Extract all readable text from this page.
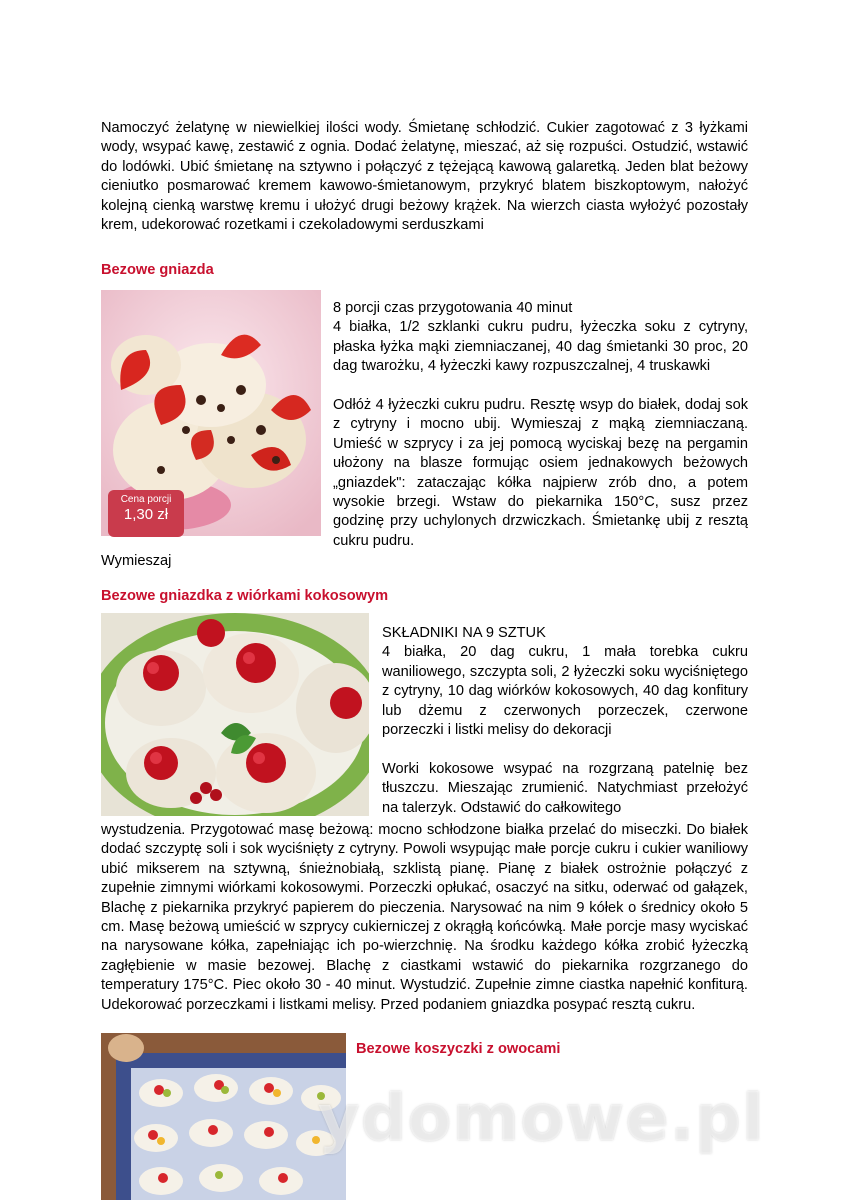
Namoczyć żelatynę w niewielkiej ilości wody. Śmietanę schłodzić. Cukier zagotować z 3 łyżkami wody, wsypać kawę, zestawić z ognia. Dodać żelatynę, mieszać, aż się rozpuści. Ostudzić, wstawić do lodówki. Ubić śmietanę na sztywno i połączyć z tężejącą kawową galaretką. Jeden blat beżowy cieniutko posmarować kremem kawowo-śmietanowym, przykryć blatem biszkoptowym, nałożyć kolejną cienką warstwę kremu i ułożyć drugi beżowy krążek. Na wierzch ciasta wyłożyć pozostały krem, udekorować rozetkami i czekoladowymi serduszkami
Bezowe gniazda
Cena porcji
1,30 zł

8 porcji czas przygotowania 40 minut

4 białka, 1/2 szklanki cukru pudru, łyżeczka soku z cytryny, płaska łyżka mąki ziemniaczanej, 40 dag śmietanki 30 proc, 20 dag twarożku, 4 łyżeczki kawy rozpuszczalnej, 4 truskawki

Odłóż 4 łyżeczki cukru pudru. Resztę wsyp do białek, dodaj sok z cytryny i mocno ubij. Wymieszaj z mąką ziemniaczaną. Umieść w szprycy i za jej pomocą wyciskaj bezę na pergamin ułożony na blasze formując osiem jednakowych beżowych „gniazdek": zataczając kółka najpierw zrób dno, a potem wysokie brzegi. Wstaw do piekarnika 150°C, susz przez godzinę przy uchylonych drzwiczkach. Śmietankę ubij z resztą cukru pudru.

Wymieszaj
Bezowe gniazdka z wiórkami kokosowym

SKŁADNIKI NA 9 SZTUK

4 białka, 20 dag cukru, 1 mała torebka cukru waniliowego, szczypta soli, 2 łyżeczki soku wyciśniętego z cytryny, 10 dag wiórków kokosowych, 40 dag konfitury lub dżemu z czerwonych porzeczek, czerwone porzeczki i listki melisy do dekoracji

Worki kokosowe wsypać na rozgrzaną patelnię bez tłuszczu. Mieszając zrumienić. Natychmiast przełożyć na talerzyk. Odstawić do całkowitego

wystudzenia. Przygotować masę beżową: mocno schłodzone białka przelać do miseczki. Do białek dodać szczyptę soli i sok wyciśnięty z cytryny. Powoli wsypując małe porcje cukru i cukier waniliowy ubić mikserem na sztywną, śnieżnobiałą, szklistą pianę. Pianę z białek ostrożnie połączyć z zupełnie zimnymi wiórkami kokosowymi. Porzeczki opłukać, osaczyć na sitku, oderwać od gałązek, Blachę z piekarnika przykryć papierem do pieczenia. Narysować na nim 9 kółek o średnicy około 5 cm. Masę beżową umieścić w szprycy cukierniczej z okrągłą końcówką. Małe porcje masy wyciskać na narysowane kółka, zapełniając ich po-wierzchnię. Na środku każdego kółka zrobić łyżeczką zagłębienie w masie bezowej. Blachę z ciastkami wstawić do piekarnika rozgrzanego do temperatury 175°C. Piec około 30 - 40 minut. Wystudzić. Zupełnie zimne ciastka napełnić konfiturą. Udekorować porzeczkami i listkami melisy. Przed podaniem gniazdka posypać resztą cukru.
Bezowe koszyczki z owocami
ydomowe.pl
